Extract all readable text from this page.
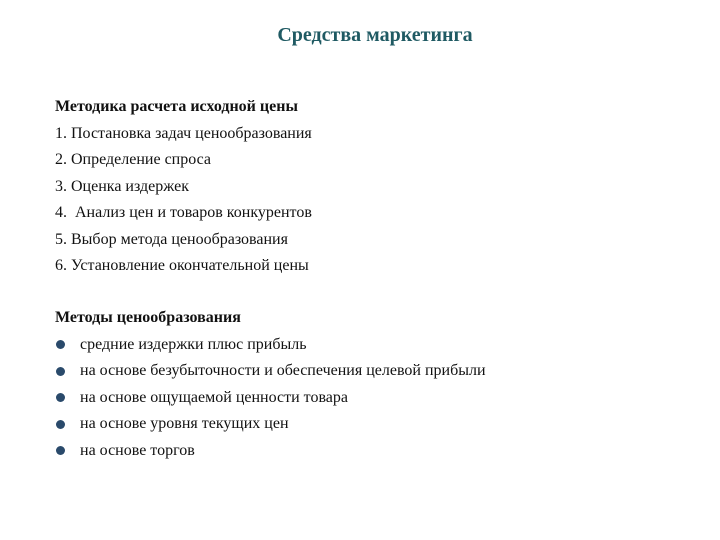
Средства маркетинга
Методика расчета исходной цены
1. Постановка задач ценообразования
2. Определение спроса
3. Оценка издержек
4.  Анализ цен и товаров конкурентов
5. Выбор метода ценообразования
6. Установление окончательной цены
Методы ценообразования
средние издержки плюс прибыль
на основе безубыточности и обеспечения целевой прибыли
на основе ощущаемой ценности товара
на основе уровня текущих цен
на основе торгов
